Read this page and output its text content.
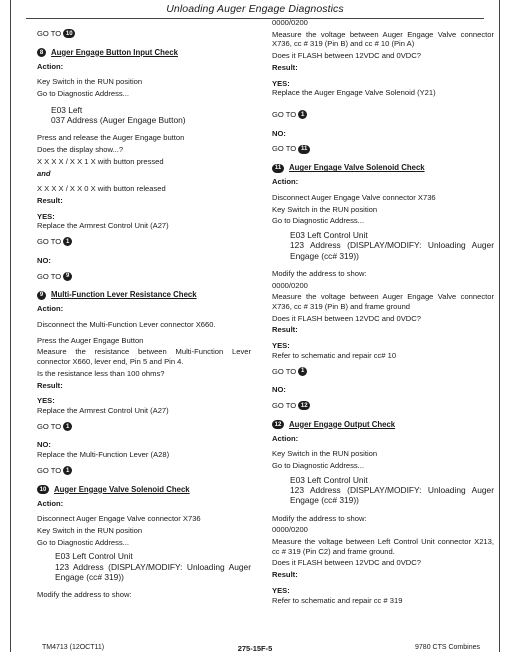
Unloading Auger Engage Diagnostics
GO TO 10
8	Auger Engage Button Input Check

Action:

Key Switch in the RUN position

Go to Diagnostic Address...

E03 Left
037 Address (Auger Engage Button)

Press and release the Auger Engage button

Does the display show...?

X X X X / X X 1 X with button pressed

and

X X X X / X X 0 X with button released

Result:

YES:

Replace the Armrest Control Unit (A27)

GO TO 1

NO:

GO TO 9
9	Multi-Function Lever Resistance Check

Action:

Disconnect the Multi-Function Lever connector X660.

Press the Auger Engage Button

Measure the resistance between Multi-Function Lever connector X660, lever end, Pin 5 and Pin 4.

Is the resistance less than 100 ohms?

Result:

YES:

Replace the Armrest Control Unit (A27)

GO TO 1

NO:

Replace the Multi-Function Lever (A28)

GO TO 1
10 Auger Engage Valve Solenoid Check

Action:

Disconnect Auger Engage Valve connector X736

Key Switch in the RUN position

Go to Diagnostic Address...

E03 Left Control Unit
123 Address (DISPLAY/MODIFY: Unloading Auger Engage (cc# 319))

Modify the address to show:

0000/0200

Measure the voltage between Auger Engage Valve connector X736, cc # 319 (Pin B) and cc # 10 (Pin A)

Does it FLASH between 12VDC and 0VDC?

Result:

YES:

Replace the Auger Engage Valve Solenoid (Y21)

GO TO 1

NO:

GO TO 11
11	Auger Engage Valve Solenoid Check

Action:

Disconnect Auger Engage Valve connector X736

Key Switch in the RUN position

Go to Diagnostic Address...

E03 Left Control Unit
123 Address (DISPLAY/MODIFY: Unloading Auger Engage (cc# 319))

Modify the address to show:

0000/0200

Measure the voltage between Auger Engage Valve connector X736, cc # 319 (Pin B) and frame ground

Does it FLASH between 12VDC and 0VDC?

Result:

YES:

Refer to schematic and repair cc# 10

GO TO 1

NO:

GO TO 12
12 Auger Engage Output Check

Action:

Key Switch in the RUN position

Go to Diagnostic Address...

E03 Left Control Unit
123 Address (DISPLAY/MODIFY: Unloading Auger Engage (cc# 319))

Modify the address to show:

0000/0200

Measure the voltage between Left Control Unit connector X213, cc # 319 (Pin C2) and frame ground.

Does it FLASH between 12VDC and 0VDC?

Result:

YES:

Refer to schematic and repair cc # 319

TM4713 (12OCT11)	275-15F-5	9780 CTS Combines
